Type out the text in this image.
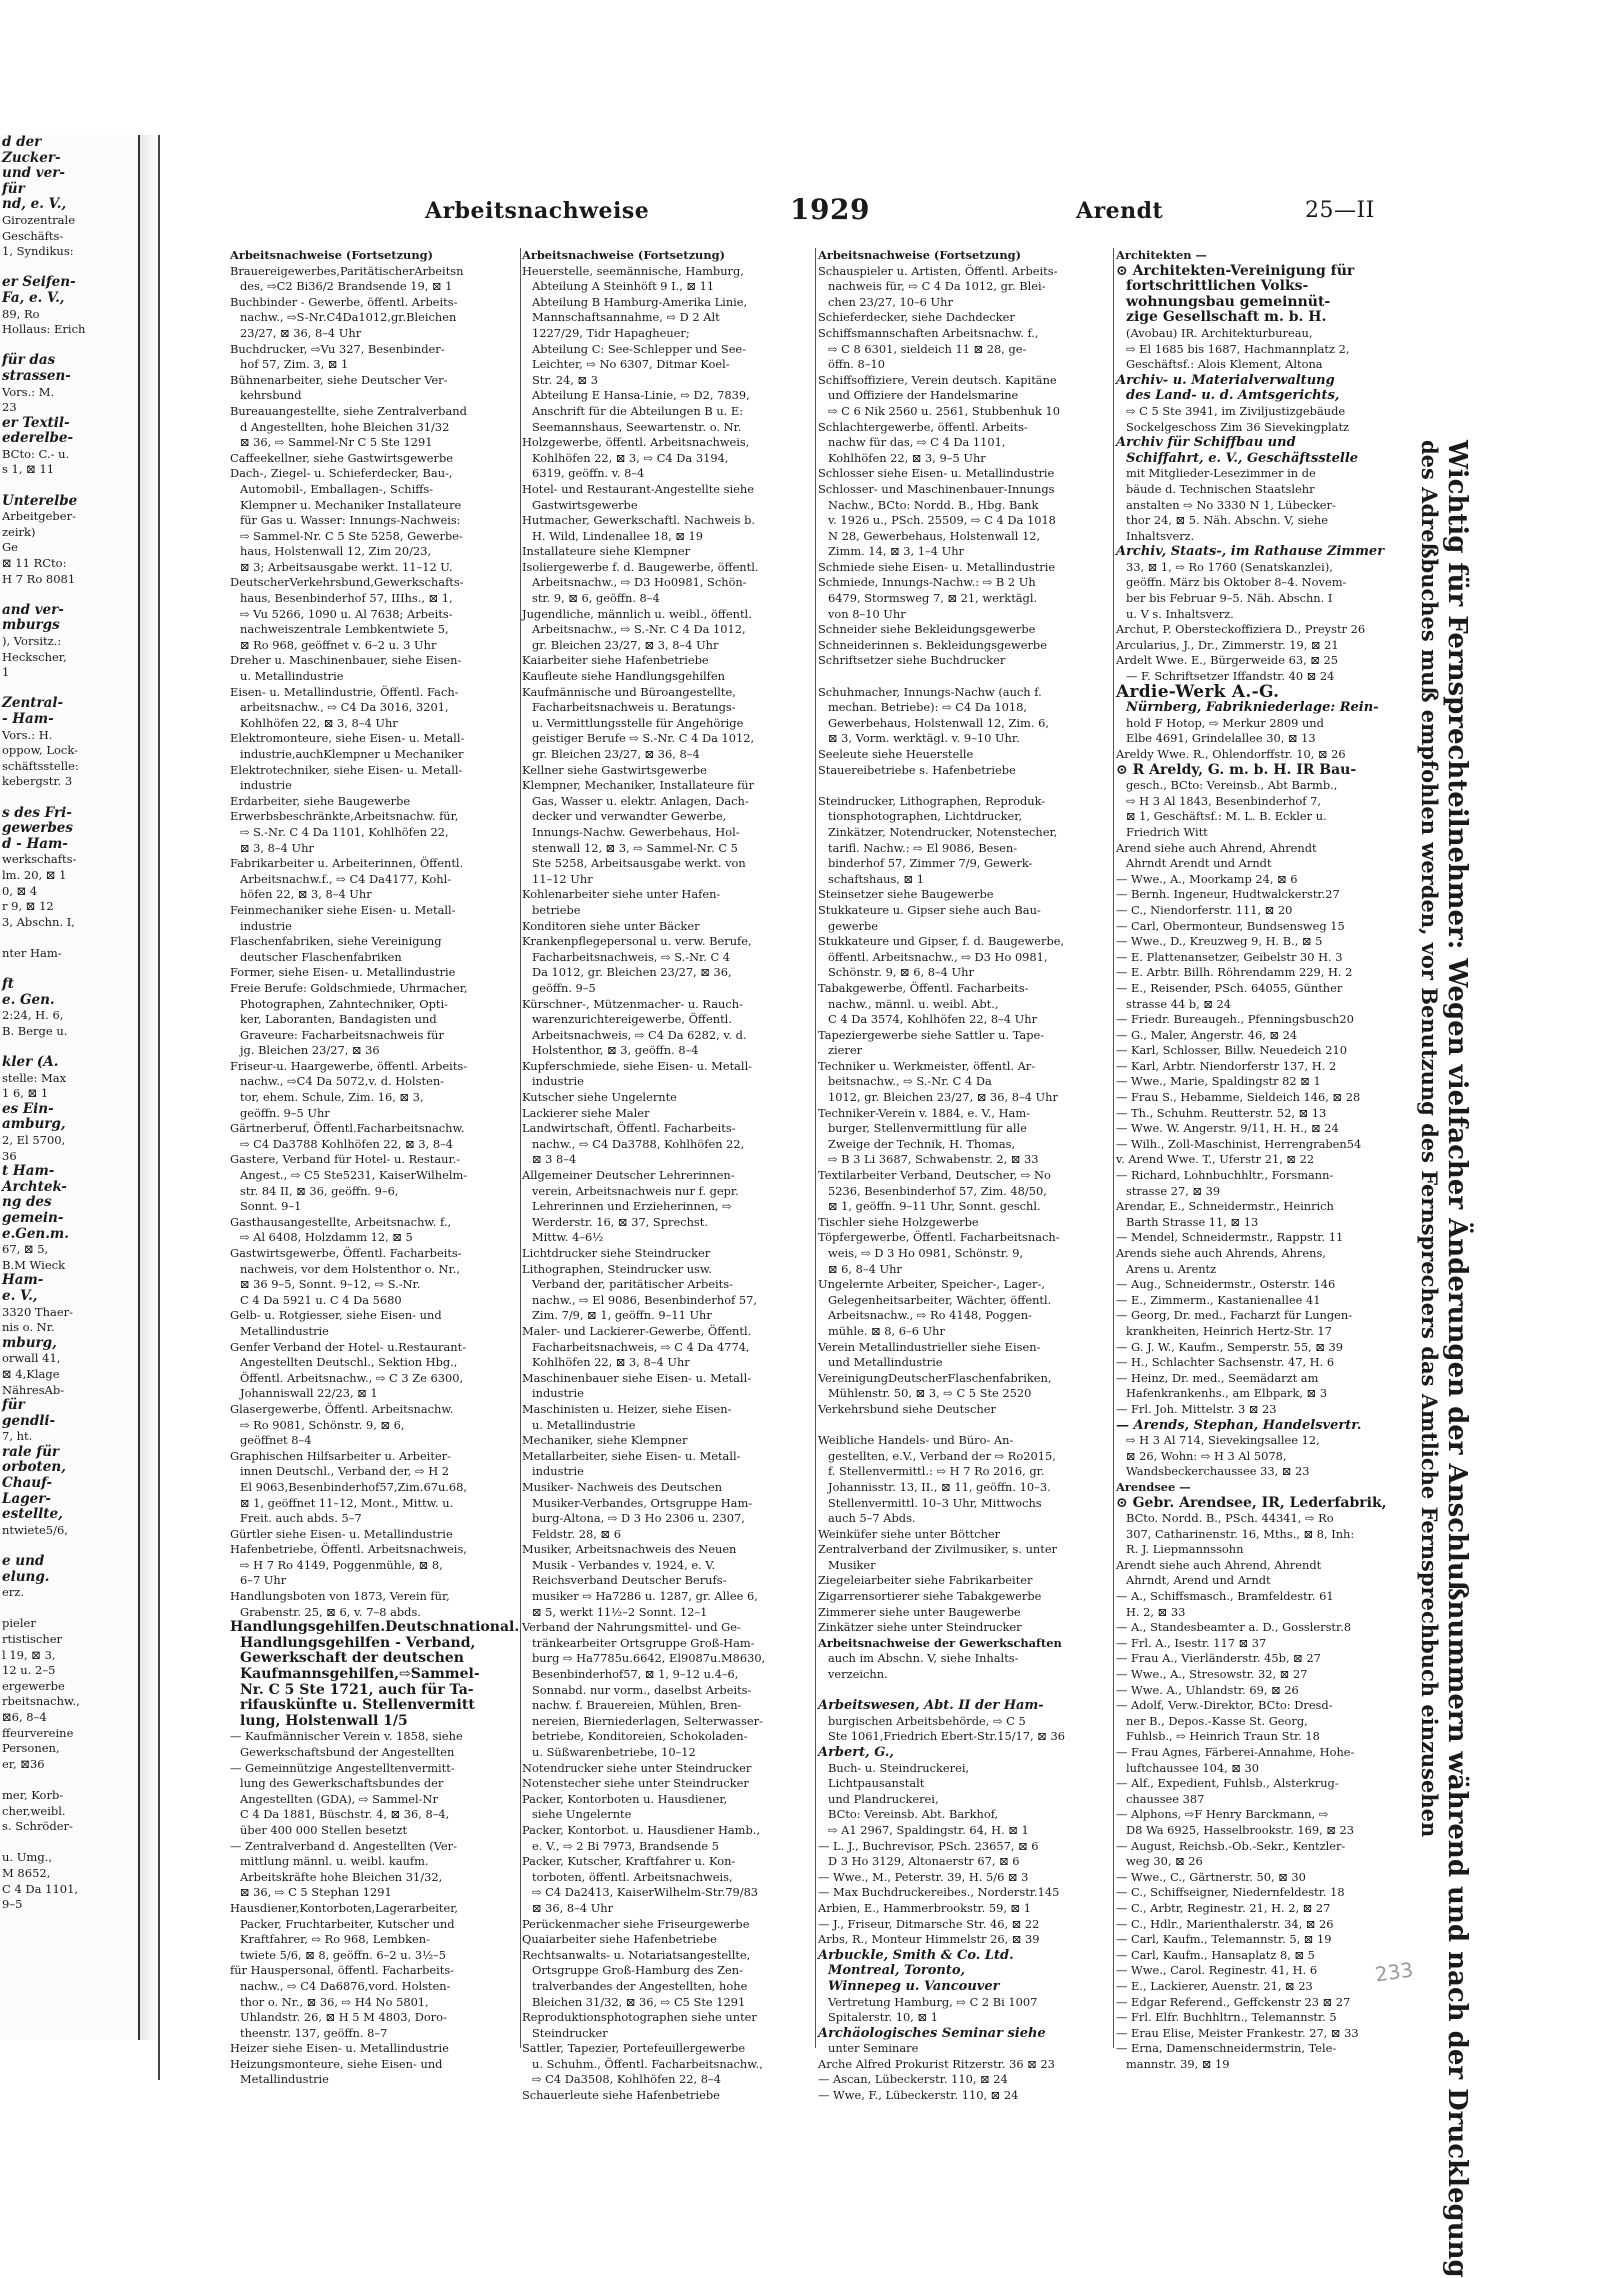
d der
Zucker-
und ver-
für
nd, e. V.,
Girozentrale
Geschäfts-
1, Syndikus:

er Seifen-
Fa, e. V.,
89, Ro
Hollaus: Erich

für das
strassen-
Vors.: M.
23
er Textil-
ederelbe-
BCto: C.- u.
s 1, ⊠ 11

Unterelbe
Arbeitgeber-
zeirk)
Ge
⊠ 11 RCto:
H 7 Ro 8081

and ver-
mburgs
), Vorsitz.:
Heckscher,
1

Zentral-
- Ham-
Vors.: H.
oppow, Lock-
schäftsstelle:
kebergstr. 3

s des Fri-
gewerbes
d - Ham-
werkschafts-
lm. 20, ⊠ 1
0, ⊠ 4
r 9, ⊠ 12
3, Abschn. I,

nter Ham-

ft
e. Gen.
2:24, H. 6,
B. Berge u.

kler (A.
stelle: Max
1 6, ⊠ 1
es Ein-
amburg,
2, El 5700,
36
t Ham-
Archtek-
ng des
gemein-
e.Gen.m.
67, ⊠ 5,
B.M Wieck
Ham-
e. V.,
3320 Thaer-
nis o. Nr.
mburg,
orwall 41,
⊠ 4,Klage
NähresAb-
für
gendli-
7, ht.
rale für
orboten,
Chauf-
Lager-
estellte,
ntwiete5/6,

e und
elung.
erz.

pieler
rtistischer
l 19, ⊠ 3,
12 u. 2–5
ergewerbe
rbeitsnachw.,
⊠6, 8–4
ffeurvereine
Personen,
er, ⊠36

mer, Korb-
cher,weibl.
s. Schröder-

u. Umg.,
M 8652,
C 4 Da 1101,
9–5
Arbeitsnachweise	1929	Arendt	25—II
Arbeitsnachweise (Fortsetzung)
Brauereigewerbes,ParitätischerArbeitsn
des, ⇨C2 Bi36/2 Brandsende 19, ⊠ 1
Buchbinder - Gewerbe, öffentl. Arbeits-
nachw., ⇨S-Nr.C4Da1012,gr.Bleichen
23/27, ⊠ 36, 8–4 Uhr
Buchdrucker, ⇨Vu 327, Besenbinder-
hof 57, Zim. 3, ⊠ 1
Bühnenarbeiter, siehe Deutscher Ver-
kehrsbund
Bureauangestellte, siehe Zentralverband
d Angestellten, hohe Bleichen 31/32
⊠ 36, ⇨ Sammel-Nr C 5 Ste 1291
Caffeekellner, siehe Gastwirtsgewerbe
Dach-, Ziegel- u. Schieferdecker, Bau-,
Automobil-, Emballagen-, Schiffs-
Klempner u. Mechaniker Installateure
für Gas u. Wasser: Innungs-Nachweis:
⇨ Sammel-Nr. C 5 Ste 5258, Gewerbe-
haus, Holstenwall 12, Zim 20/23,
⊠ 3; Arbeitsausgabe werkt. 11–12 U.
DeutscherVerkehrsbund,Gewerkschafts-
haus, Besenbinderhof 57, IIIhs., ⊠ 1,
⇨ Vu 5266, 1090 u. Al 7638; Arbeits-
nachweiszentrale Lembkentwiete 5,
⊠ Ro 968, geöffnet v. 6–2 u. 3 Uhr
Dreher u. Maschinenbauer, siehe Eisen-
u. Metallindustrie
Eisen- u. Metallindustrie, Öffentl. Fach-
arbeitsnachw., ⇨ C4 Da 3016, 3201,
Kohlhöfen 22, ⊠ 3, 8–4 Uhr
Elektromonteure, siehe Eisen- u. Metall-
industrie,auchKlempner u Mechaniker
Elektrotechniker, siehe Eisen- u. Metall-
industrie
Erdarbeiter, siehe Baugewerbe
Erwerbsbeschränkte,Arbeitsnachw. für,
⇨ S.-Nr. C 4 Da 1101, Kohlhöfen 22,
⊠ 3, 8–4 Uhr
Fabrikarbeiter u. Arbeiterinnen, Öffentl.
Arbeitsnachw.f., ⇨ C4 Da4177, Kohl-
höfen 22, ⊠ 3, 8–4 Uhr
Feinmechaniker siehe Eisen- u. Metall-
industrie
Flaschenfabriken, siehe Vereinigung
deutscher Flaschenfabriken
Former, siehe Eisen- u. Metallindustrie
Freie Berufe: Goldschmiede, Uhrmacher,
Photographen, Zahntechniker, Opti-
ker, Laboranten, Bandagisten und
Graveure: Facharbeitsnachweis für
jg. Bleichen 23/27, ⊠ 36
Friseur-u. Haargewerbe, öffentl. Arbeits-
nachw., ⇨C4 Da 5072,v. d. Holsten-
tor, ehem. Schule, Zim. 16, ⊠ 3,
geöffn. 9–5 Uhr
Gärtnerberuf, Öffentl.Facharbeitsnachw.
⇨ C4 Da3788 Kohlhöfen 22, ⊠ 3, 8–4
Gastere, Verband für Hotel- u. Restaur.-
Angest., ⇨ C5 Ste5231, KaiserWilhelm-
str. 84 II, ⊠ 36, geöffn. 9–6,
Sonnt. 9–1
Gasthausangestellte, Arbeitsnachw. f.,
⇨ Al 6408, Holzdamm 12, ⊠ 5
Gastwirtsgewerbe, Öffentl. Facharbeits-
nachweis, vor dem Holstenthor o. Nr.,
⊠ 36 9–5, Sonnt. 9–12, ⇨ S.-Nr.
C 4 Da 5921 u. C 4 Da 5680
Gelb- u. Rotgiesser, siehe Eisen- und
Metallindustrie
Genfer Verband der Hotel- u.Restaurant-
Angestellten Deutschl., Sektion Hbg.,
Öffentl. Arbeitsnachw., ⇨ C 3 Ze 6300,
Johanniswall 22/23, ⊠ 1
Glasergewerbe, Öffentl. Arbeitsnachw.
⇨ Ro 9081, Schönstr. 9, ⊠ 6,
geöffnet 8–4
Graphischen Hilfsarbeiter u. Arbeiter-
innen Deutschl., Verband der, ⇨ H 2
El 9063,Besenbinderhof57,Zim.67u.68,
⊠ 1, geöffnet 11–12, Mont., Mittw. u.
Freit. auch abds. 5–7
Gürtler siehe Eisen- u. Metallindustrie
Hafenbetriebe, Öffentl. Arbeitsnachweis,
⇨ H 7 Ro 4149, Poggenmühle, ⊠ 8,
6–7 Uhr
Handlungsboten von 1873, Verein für,
Grabenstr. 25, ⊠ 6, v. 7–8 abds.
Handlungsgehilfen.Deutschnational.
Handlungsgehilfen - Verband,
Gewerkschaft der deutschen
Kaufmannsgehilfen,⇨Sammel-
Nr. C 5 Ste 1721, auch für Ta-
rifauskünfte u. Stellenvermitt
lung, Holstenwall 1/5
— Kaufmännischer Verein v. 1858, siehe
Gewerkschaftsbund der Angestellten
— Gemeinnützige Angestelltenvermitt-
lung des Gewerkschaftsbundes der
Angestellten (GDA), ⇨ Sammel-Nr
C 4 Da 1881, Büschstr. 4, ⊠ 36, 8–4,
über 400 000 Stellen besetzt
— Zentralverband d. Angestellten (Ver-
mittlung männl. u. weibl. kaufm.
Arbeitskräfte hohe Bleichen 31/32,
⊠ 36, ⇨ C 5 Stephan 1291
Hausdiener,Kontorboten,Lagerarbeiter,
Packer, Fruchtarbeiter, Kutscher und
Kraftfahrer, ⇨ Ro 968, Lembken-
twiete 5/6, ⊠ 8, geöffn. 6–2 u. 3½–5
für Hauspersonal, öffentl. Facharbeits-
nachw., ⇨ C4 Da6876,vord. Holsten-
thor o. Nr., ⊠ 36, ⇨ H4 No 5801,
Uhlandstr. 26, ⊠ H 5 M 4803, Doro-
theenstr. 137, geöffn. 8–7
Heizer siehe Eisen- u. Metallindustrie
Heizungsmonteure, siehe Eisen- und
Metallindustrie
Arbeitsnachweise (Fortsetzung)
Heuerstelle, seemännische, Hamburg,
Abteilung A Steinhöft 9 I., ⊠ 11
Abteilung B Hamburg-Amerika Linie,
Mannschaftsannahme, ⇨ D 2 Alt
1227/29, Tidr Hapagheuer;
Abteilung C: See-Schlepper und See-
Leichter, ⇨ No 6307, Ditmar Koel-
Str. 24, ⊠ 3
Abteilung E Hansa-Linie, ⇨ D2, 7839,
Anschrift für die Abteilungen B u. E:
Seemannshaus, Seewartenstr. o. Nr.
Holzgewerbe, öffentl. Arbeitsnachweis,
Kohlhöfen 22, ⊠ 3, ⇨ C4 Da 3194,
6319, geöffn. v. 8–4
Hotel- und Restaurant-Angestellte siehe
Gastwirtsgewerbe
Hutmacher, Gewerkschaftl. Nachweis b.
H. Wild, Lindenallee 18, ⊠ 19
Installateure siehe Klempner
Isoliergewerbe f. d. Baugewerbe, öffentl.
Arbeitsnachw., ⇨ D3 Ho0981, Schön-
str. 9, ⊠ 6, geöffn. 8–4
Jugendliche, männlich u. weibl., öffentl.
Arbeitsnachw., ⇨ S.-Nr. C 4 Da 1012,
gr. Bleichen 23/27, ⊠ 3, 8–4 Uhr
Kaiarbeiter siehe Hafenbetriebe
Kaufleute siehe Handlungsgehilfen
Kaufmännische und Büroangestellte,
Facharbeitsnachweis u. Beratungs-
u. Vermittlungsstelle für Angehörige
geistiger Berufe ⇨ S.-Nr. C 4 Da 1012,
gr. Bleichen 23/27, ⊠ 36, 8–4
Kellner siehe Gastwirtsgewerbe
Klempner, Mechaniker, Installateure für
Gas, Wasser u. elektr. Anlagen, Dach-
decker und verwandter Gewerbe,
Innungs-Nachw. Gewerbehaus, Hol-
stenwall 12, ⊠ 3, ⇨ Sammel-Nr. C 5
Ste 5258, Arbeitsausgabe werkt. von
11–12 Uhr
Kohlenarbeiter siehe unter Hafen-
betriebe
Konditoren siehe unter Bäcker
Krankenpflegepersonal u. verw. Berufe,
Facharbeitsnachweis, ⇨ S.-Nr. C 4
Da 1012, gr. Bleichen 23/27, ⊠ 36,
geöffn. 9–5
Kürschner-, Mützenmacher- u. Rauch-
warenzurichtereigewerbe, Öffentl.
Arbeitsnachweis, ⇨ C4 Da 6282, v. d.
Holstenthor, ⊠ 3, geöffn. 8–4
Kupferschmiede, siehe Eisen- u. Metall-
industrie
Kutscher siehe Ungelernte
Lackierer siehe Maler
Landwirtschaft, Öffentl. Facharbeits-
nachw., ⇨ C4 Da3788, Kohlhöfen 22,
⊠ 3 8–4
Allgemeiner Deutscher Lehrerinnen-
verein, Arbeitsnachweis nur f. gepr.
Lehrerinnen und Erzieherinnen, ⇨
Werderstr. 16, ⊠ 37, Sprechst.
Mittw. 4–6½
Lichtdrucker siehe Steindrucker
Lithographen, Steindrucker usw.
Verband der, paritätischer Arbeits-
nachw., ⇨ El 9086, Besenbinderhof 57,
Zim. 7/9, ⊠ 1, geöffn. 9–11 Uhr
Maler- und Lackierer-Gewerbe, Öffentl.
Facharbeitsnachweis, ⇨ C 4 Da 4774,
Kohlhöfen 22, ⊠ 3, 8–4 Uhr
Maschinenbauer siehe Eisen- u. Metall-
industrie
Maschinisten u. Heizer, siehe Eisen-
u. Metallindustrie
Mechaniker, siehe Klempner
Metallarbeiter, siehe Eisen- u. Metall-
industrie
Musiker- Nachweis des Deutschen
Musiker-Verbandes, Ortsgruppe Ham-
burg-Altona, ⇨ D 3 Ho 2306 u. 2307,
Feldstr. 28, ⊠ 6
Musiker, Arbeitsnachweis des Neuen
Musik - Verbandes v. 1924, e. V.
Reichsverband Deutscher Berufs-
musiker ⇨ Ha7286 u. 1287, gr. Allee 6,
⊠ 5, werkt 11½–2 Sonnt. 12–1
Verband der Nahrungsmittel- und Ge-
tränkearbeiter Ortsgruppe Groß-Ham-
burg ⇨ Ha7785u.6642, El9087u.M8630,
Besenbinderhof57, ⊠ 1, 9–12 u.4–6,
Sonnabd. nur vorm., daselbst Arbeits-
nachw. f. Brauereien, Mühlen, Bren-
nereien, Bierniederlagen, Selterwasser-
betriebe, Konditoreien, Schokoladen-
u. Süßwarenbetriebe, 10–12
Notendrucker siehe unter Steindrucker
Notenstecher siehe unter Steindrucker
Packer, Kontorboten u. Hausdiener,
siehe Ungelernte
Packer, Kontorbot. u. Hausdiener Hamb.,
e. V., ⇨ 2 Bi 7973, Brandsende 5
Packer, Kutscher, Kraftfahrer u. Kon-
torboten, öffentl. Arbeitsnachweis,
⇨ C4 Da2413, KaiserWilhelm-Str.79/83
⊠ 36, 8–4 Uhr
Perückenmacher siehe Friseurgewerbe
Quaiarbeiter siehe Hafenbetriebe
Rechtsanwalts- u. Notariatsangestellte,
Ortsgruppe Groß-Hamburg des Zen-
tralverbandes der Angestellten, hohe
Bleichen 31/32, ⊠ 36, ⇨ C5 Ste 1291
Reproduktionsphotographen siehe unter
Steindrucker
Sattler, Tapezier, Portefeuillergewerbe
u. Schuhm., Öffentl. Facharbeitsnachw.,
⇨ C4 Da3508, Kohlhöfen 22, 8–4
Schauerleute siehe Hafenbetriebe
Arbeitsnachweise (Fortsetzung)
Schauspieler u. Artisten, Öffentl. Arbeits-
nachweis für, ⇨ C 4 Da 1012, gr. Blei-
chen 23/27, 10–6 Uhr
Schieferdecker, siehe Dachdecker
Schiffsmannschaften Arbeitsnachw. f.,
⇨ C 8 6301, sieldeich 11 ⊠ 28, ge-
öffn. 8–10
Schiffsoffiziere, Verein deutsch. Kapitäne
und Offiziere der Handelsmarine
⇨ C 6 Nik 2560 u. 2561, Stubbenhuk 10
Schlachtergewerbe, öffentl. Arbeits-
nachw für das, ⇨ C 4 Da 1101,
Kohlhöfen 22, ⊠ 3, 9–5 Uhr
Schlosser siehe Eisen- u. Metallindustrie
Schlosser- und Maschinenbauer-Innungs
Nachw., BCto: Nordd. B., Hbg. Bank
v. 1926 u., PSch. 25509, ⇨ C 4 Da 1018
N 28, Gewerbehaus, Holstenwall 12,
Zimm. 14, ⊠ 3, 1–4 Uhr
Schmiede siehe Eisen- u. Metallindustrie
Schmiede, Innungs-Nachw.: ⇨ B 2 Uh
6479, Stormsweg 7, ⊠ 21, werktägl.
von 8–10 Uhr
Schneider siehe Bekleidungsgewerbe
Schneiderinnen s. Bekleidungsgewerbe
Schriftsetzer siehe Buchdrucker

Schuhmacher, Innungs-Nachw (auch f.
mechan. Betriebe): ⇨ C4 Da 1018,
Gewerbehaus, Holstenwall 12, Zim. 6,
⊠ 3, Vorm. werktägl. v. 9–10 Uhr.
Seeleute siehe Heuerstelle
Stauereibetriebe s. Hafenbetriebe

Steindrucker, Lithographen, Reproduk-
tionsphotographen, Lichtdrucker,
Zinkätzer, Notendrucker, Notenstecher,
tarifl. Nachw.: ⇨ El 9086, Besen-
binderhof 57, Zimmer 7/9, Gewerk-
schaftshaus, ⊠ 1
Steinsetzer siehe Baugewerbe
Stukkateure u. Gipser siehe auch Bau-
gewerbe
Stukkateure und Gipser, f. d. Baugewerbe,
öffentl. Arbeitsnachw., ⇨ D3 Ho 0981,
Schönstr. 9, ⊠ 6, 8–4 Uhr
Tabakgewerbe, Öffentl. Facharbeits-
nachw., männl. u. weibl. Abt.,
C 4 Da 3574, Kohlhöfen 22, 8–4 Uhr
Tapeziergewerbe siehe Sattler u. Tape-
zierer
Techniker u. Werkmeister, öffentl. Ar-
beitsnachw., ⇨ S.-Nr. C 4 Da
1012, gr. Bleichen 23/27, ⊠ 36, 8–4 Uhr
Techniker-Verein v. 1884, e. V., Ham-
burger, Stellenvermittlung für alle
Zweige der Technik, H. Thomas,
⇨ B 3 Li 3687, Schwabenstr. 2, ⊠ 33
Textilarbeiter Verband, Deutscher, ⇨ No
5236, Besenbinderhof 57, Zim. 48/50,
⊠ 1, geöffn. 9–11 Uhr, Sonnt. geschl.
Tischler siehe Holzgewerbe
Töpfergewerbe, Öffentl. Facharbeitsnach-
weis, ⇨ D 3 Ho 0981, Schönstr. 9,
⊠ 6, 8–4 Uhr
Ungelernte Arbeiter, Speicher-, Lager-,
Gelegenheitsarbeiter, Wächter, öffentl.
Arbeitsnachw., ⇨ Ro 4148, Poggen-
mühle. ⊠ 8, 6–6 Uhr
Verein Metallindustrieller siehe Eisen-
und Metallindustrie
VereinigungDeutscherFlaschenfabriken,
Mühlenstr. 50, ⊠ 3, ⇨ C 5 Ste 2520
Verkehrsbund siehe Deutscher

Weibliche Handels- und Büro- An-
gestellten, e.V., Verband der ⇨ Ro2015,
f. Stellenvermittl.: ⇨ H 7 Ro 2016, gr.
Johannisstr. 13, II., ⊠ 11, geöffn. 10–3.
Stellenvermittl. 10–3 Uhr, Mittwochs
auch 5–7 Abds.
Weinküfer siehe unter Böttcher
Zentralverband der Zivilmusiker, s. unter
Musiker
Ziegeleiarbeiter siehe Fabrikarbeiter
Zigarrensortierer siehe Tabakgewerbe
Zimmerer siehe unter Baugewerbe
Zinkätzer siehe unter Steindrucker
Arbeitsnachweise der Gewerkschaften
auch im Abschn. V, siehe Inhalts-
verzeichn.

Arbeitswesen, Abt. II der Ham-
burgischen Arbeitsbehörde, ⇨ C 5
Ste 1061,Friedrich Ebert-Str.15/17, ⊠ 36
Arbert, G.,
Buch- u. Steindruckerei,
Lichtpausanstalt
und Plandruckerei,
BCto: Vereinsb. Abt. Barkhof,
⇨ A1 2967, Spaldingstr. 64, H. ⊠ 1
— L. J., Buchrevisor, PSch. 23657, ⊠ 6
D 3 Ho 3129, Altonaerstr 67, ⊠ 6
— Wwe., M., Peterstr. 39, H. 5/6 ⊠ 3
— Max Buchdruckereibes., Norderstr.145
Arbien, E., Hammerbrookstr. 59, ⊠ 1
— J., Friseur, Ditmarsche Str. 46, ⊠ 22
Arbs, R., Monteur Himmelstr 26, ⊠ 39
Arbuckle, Smith & Co. Ltd.
Montreal, Toronto,
Winnepeg u. Vancouver
Vertretung Hamburg, ⇨ C 2 Bi 1007
Spitalerstr. 10, ⊠ 1
Archäologisches Seminar siehe
unter Seminare
Arche Alfred Prokurist Ritzerstr. 36 ⊠ 23
— Ascan, Lübeckerstr. 110, ⊠ 24
— Wwe, F., Lübeckerstr. 110, ⊠ 24
Architekten —
⊙ Architekten-Vereinigung für
fortschrittlichen Volks-
wohnungsbau gemeinnüt-
zige Gesellschaft m. b. H.
(Avobau) IR. Architekturbureau,
⇨ El 1685 bis 1687, Hachmannplatz 2,
Geschäftsf.: Alois Klement, Altona
Archiv- u. Materialverwaltung
des Land- u. d. Amtsgerichts,
⇨ C 5 Ste 3941, im Ziviljustizgebäude
Sockelgeschoss Zim 36 Sievekingplatz
Archiv für Schiffbau und
Schiffahrt, e. V., Geschäftsstelle
mit Mitglieder-Lesezimmer in de
bäude d. Technischen Staatslehr
anstalten ⇨ No 3330 N 1, Lübecker-
thor 24, ⊠ 5. Näh. Abschn. V, siehe
Inhaltsverz.
Archiv, Staats-, im Rathause Zimmer
33, ⊠ 1, ⇨ Ro 1760 (Senatskanzlei),
geöffn. März bis Oktober 8–4. Novem-
ber bis Februar 9–5. Näh. Abschn. I
u. V s. Inhaltsverz.
Archut, P. Obersteckoffiziera D., Preystr 26
Arcularius, J., Dr., Zimmerstr. 19, ⊠ 21
Ardelt Wwe. E., Bürgerweide 63, ⊠ 25
— F. Schriftsetzer Iffandstr. 40 ⊠ 24
Ardie-Werk A.-G.
Nürnberg, Fabrikniederlage: Rein-
hold F Hotop, ⇨ Merkur 2809 und
Elbe 4691, Grindelallee 30, ⊠ 13
Areldy Wwe. R., Ohlendorffstr. 10, ⊠ 26
⊙ R Areldy, G. m. b. H. IR Bau-
gesch., BCto: Vereinsb., Abt Barmb.,
⇨ H 3 Al 1843, Besenbinderhof 7,
⊠ 1, Geschäftsf.: M. L. B. Eckler u.
Friedrich Witt
Arend siehe auch Ahrend, Ahrendt
Ahrndt Arendt und Arndt
— Wwe., A., Moorkamp 24, ⊠ 6
— Bernh. Ingeneur, Hudtwalckerstr.27
— C., Niendorferstr. 111, ⊠ 20
— Carl, Obermonteur, Bundsensweg 15
— Wwe., D., Kreuzweg 9, H. B., ⊠ 5
— E. Plattenansetzer, Geibelstr 30 H. 3
— E. Arbtr. Billh. Röhrendamm 229, H. 2
— E., Reisender, PSch. 64055, Günther
strasse 44 b, ⊠ 24
— Friedr. Bureaugeh., Pfenningsbusch20
— G., Maler, Angerstr. 46, ⊠ 24
— Karl, Schlosser, Billw. Neuedeich 210
— Karl, Arbtr. Niendorferstr 137, H. 2
— Wwe., Marie, Spaldingstr 82 ⊠ 1
— Frau S., Hebamme, Sieldeich 146, ⊠ 28
— Th., Schuhm. Reutterstr. 52, ⊠ 13
— Wwe. W. Angerstr. 9/11, H. H., ⊠ 24
— Wilh., Zoll-Maschinist, Herrengraben54
v. Arend Wwe. T., Uferstr 21, ⊠ 22
— Richard, Lohnbuchhltr., Forsmann-
strasse 27, ⊠ 39
Arendar, E., Schneidermstr., Heinrich
Barth Strasse 11, ⊠ 13
— Mendel, Schneidermstr., Rappstr. 11
Arends siehe auch Ahrends, Ahrens,
Arens u. Arentz
— Aug., Schneidermstr., Osterstr. 146
— E., Zimmerm., Kastanienallee 41
— Georg, Dr. med., Facharzt für Lungen-
krankheiten, Heinrich Hertz-Str. 17
— G. J. W., Kaufm., Semperstr. 55, ⊠ 39
— H., Schlachter Sachsenstr. 47, H. 6
— Heinz, Dr. med., Seemädarzt am
Hafenkrankenhs., am Elbpark, ⊠ 3
— Frl. Joh. Mittelstr. 3 ⊠ 23
— Arends, Stephan, Handelsvertr.
⇨ H 3 Al 714, Sievekingsallee 12,
⊠ 26, Wohn: ⇨ H 3 Al 5078,
Wandsbeckerchaussee 33, ⊠ 23
Arendsee —
⊙ Gebr. Arendsee, IR, Lederfabrik,
BCto. Nordd. B., PSch. 44341, ⇨ Ro
307, Catharinenstr. 16, Mths., ⊠ 8, Inh:
R. J. Liepmannssohn
Arendt siehe auch Ahrend, Ahrendt
Ahrndt, Arend und Arndt
— A., Schiffsmasch., Bramfeldestr. 61
H. 2, ⊠ 33
— A., Standesbeamter a. D., Gosslerstr.8
— Frl. A., Isestr. 117 ⊠ 37
— Frau A., Vierländerstr. 45b, ⊠ 27
— Wwe., A., Stresowstr. 32, ⊠ 27
— Wwe. A., Uhlandstr. 69, ⊠ 26
— Adolf, Verw.-Direktor, BCto: Dresd-
ner B., Depos.-Kasse St. Georg,
Fuhlsb., ⇨ Heinrich Traun Str. 18
— Frau Agnes, Färberei-Annahme, Hohe-
luftchaussee 104, ⊠ 30
— Alf., Expedient, Fuhlsb., Alsterkrug-
chaussee 387
— Alphons, ⇨F Henry Barckmann, ⇨
D8 Wa 6925, Hasselbrookstr. 169, ⊠ 23
— August, Reichsb.-Ob.-Sekr., Kentzler-
weg 30, ⊠ 26
— Wwe., C., Gärtnerstr. 50, ⊠ 30
— C., Schiffseigner, Niedernfeldestr. 18
— C., Arbtr, Reginestr. 21, H. 2, ⊠ 27
— C., Hdlr., Marienthalerstr. 34, ⊠ 26
— Carl, Kaufm., Telemannstr. 5, ⊠ 19
— Carl, Kaufm., Hansaplatz 8, ⊠ 5
— Wwe., Carol. Reginestr. 41, H. 6
— E., Lackierer, Auenstr. 21, ⊠ 23
— Edgar Referend., Geffckenstr 23 ⊠ 27
— Frl. Elfr. Buchhltrn., Telemannstr. 5
— Erau Elise, Meister Frankestr. 27, ⊠ 33
— Erna, Damenschneidermstrin, Tele-
mannstr. 39, ⊠ 19	Wichtig für Fernsprechteilnehmer: Wegen vielfacher Änderungen der Anschlußnummern während und nach der Drucklegung
des Adreßbuches muß empfohlen werden, vor Benutzung des Fernsprechers das Amtliche Fernsprechbuch einzusehen
233
